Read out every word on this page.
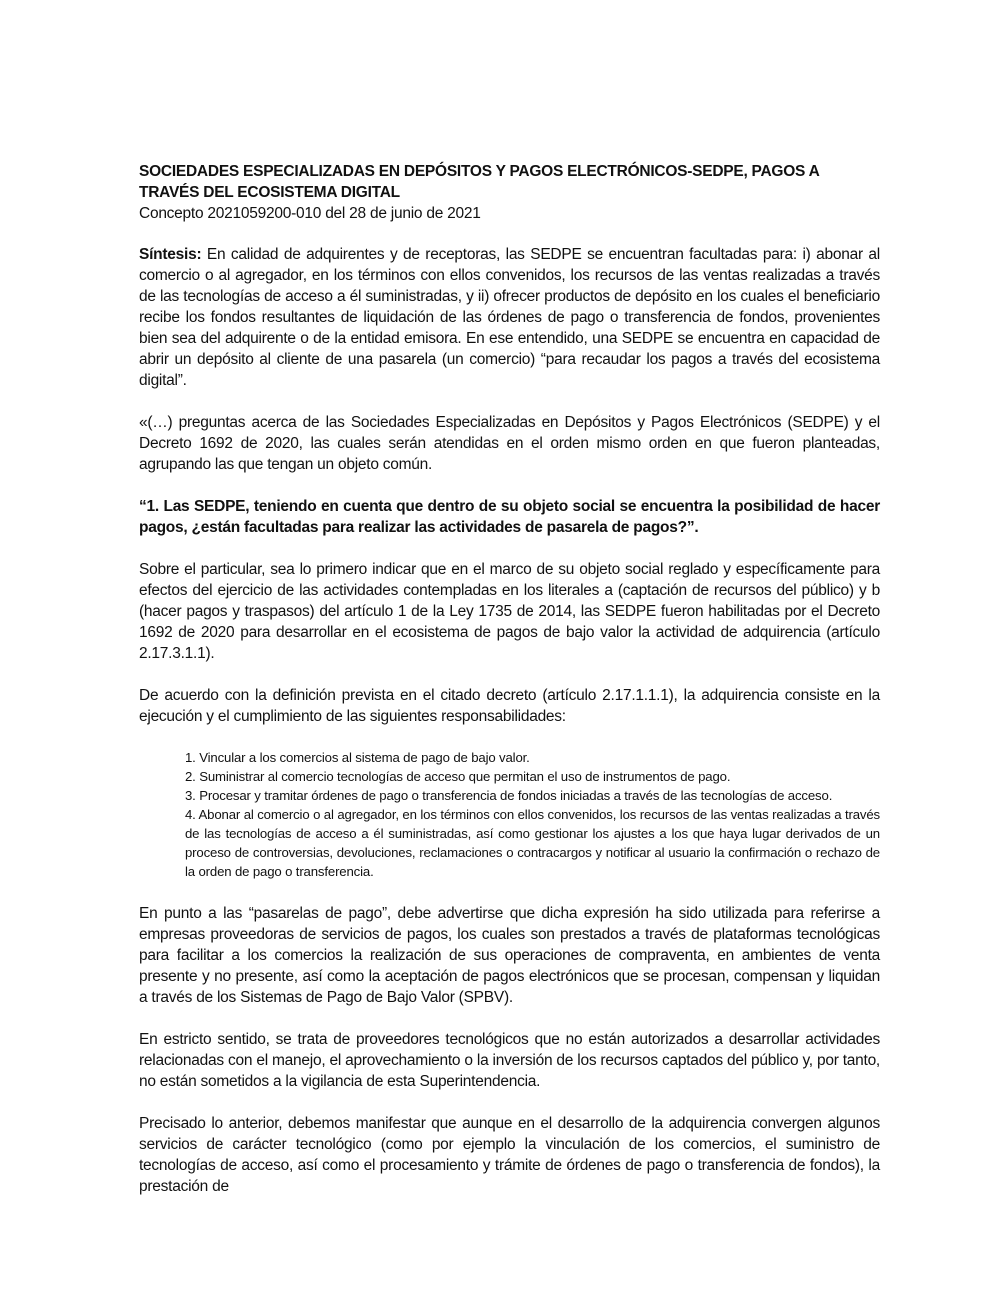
SOCIEDADES ESPECIALIZADAS EN DEPÓSITOS Y PAGOS ELECTRÓNICOS-SEDPE, PAGOS A TRAVÉS DEL ECOSISTEMA DIGITAL
Concepto 2021059200-010 del 28 de junio de 2021

Síntesis: En calidad de adquirentes y de receptoras, las SEDPE se encuentran facultadas para: i) abonar al comercio o al agregador, en los términos con ellos convenidos, los recursos de las ventas realizadas a través de las tecnologías de acceso a él suministradas, y ii) ofrecer productos de depósito en los cuales el beneficiario recibe los fondos resultantes de liquidación de las órdenes de pago o transferencia de fondos, provenientes bien sea del adquirente o de la entidad emisora. En ese entendido, una SEDPE se encuentra en capacidad de abrir un depósito al cliente de una pasarela (un comercio) “para recaudar los pagos a través del ecosistema digital”.

«(…) preguntas acerca de las Sociedades Especializadas en Depósitos y Pagos Electrónicos (SEDPE) y el Decreto 1692 de 2020, las cuales serán atendidas en el orden mismo orden en que fueron planteadas, agrupando las que tengan un objeto común.

“1. Las SEDPE, teniendo en cuenta que dentro de su objeto social se encuentra la posibilidad de hacer pagos, ¿están facultadas para realizar las actividades de pasarela de pagos?”.

Sobre el particular, sea lo primero indicar que en el marco de su objeto social reglado y específicamente para efectos del ejercicio de las actividades contempladas en los literales a (captación de recursos del público) y b (hacer pagos y traspasos) del artículo 1 de la Ley 1735 de 2014, las SEDPE fueron habilitadas por el Decreto 1692 de 2020 para desarrollar en el ecosistema de pagos de bajo valor la actividad de adquirencia (artículo 2.17.3.1.1).

De acuerdo con la definición prevista en el citado decreto (artículo 2.17.1.1.1), la adquirencia consiste en la ejecución y el cumplimiento de las siguientes responsabilidades:

1. Vincular a los comercios al sistema de pago de bajo valor.
2. Suministrar al comercio tecnologías de acceso que permitan el uso de instrumentos de pago.
3. Procesar y tramitar órdenes de pago o transferencia de fondos iniciadas a través de las tecnologías de acceso.
4. Abonar al comercio o al agregador, en los términos con ellos convenidos, los recursos de las ventas realizadas a través de las tecnologías de acceso a él suministradas, así como gestionar los ajustes a los que haya lugar derivados de un proceso de controversias, devoluciones, reclamaciones o contracargos y notificar al usuario la confirmación o rechazo de la orden de pago o transferencia.

En punto a las “pasarelas de pago”, debe advertirse que dicha expresión ha sido utilizada para referirse a empresas proveedoras de servicios de pagos, los cuales son prestados a través de plataformas tecnológicas para facilitar a los comercios la realización de sus operaciones de compraventa, en ambientes de venta presente y no presente, así como la aceptación de pagos electrónicos que se procesan, compensan y liquidan a través de los Sistemas de Pago de Bajo Valor (SPBV).

En estricto sentido, se trata de proveedores tecnológicos que no están autorizados a desarrollar actividades relacionadas con el manejo, el aprovechamiento o la inversión de los recursos captados del público y, por tanto, no están sometidos a la vigilancia de esta Superintendencia.

Precisado lo anterior, debemos manifestar que aunque en el desarrollo de la adquirencia convergen algunos servicios de carácter tecnológico (como por ejemplo la vinculación de los comercios, el suministro de tecnologías de acceso, así como el procesamiento y trámite de órdenes de pago o transferencia de fondos), la prestación de
